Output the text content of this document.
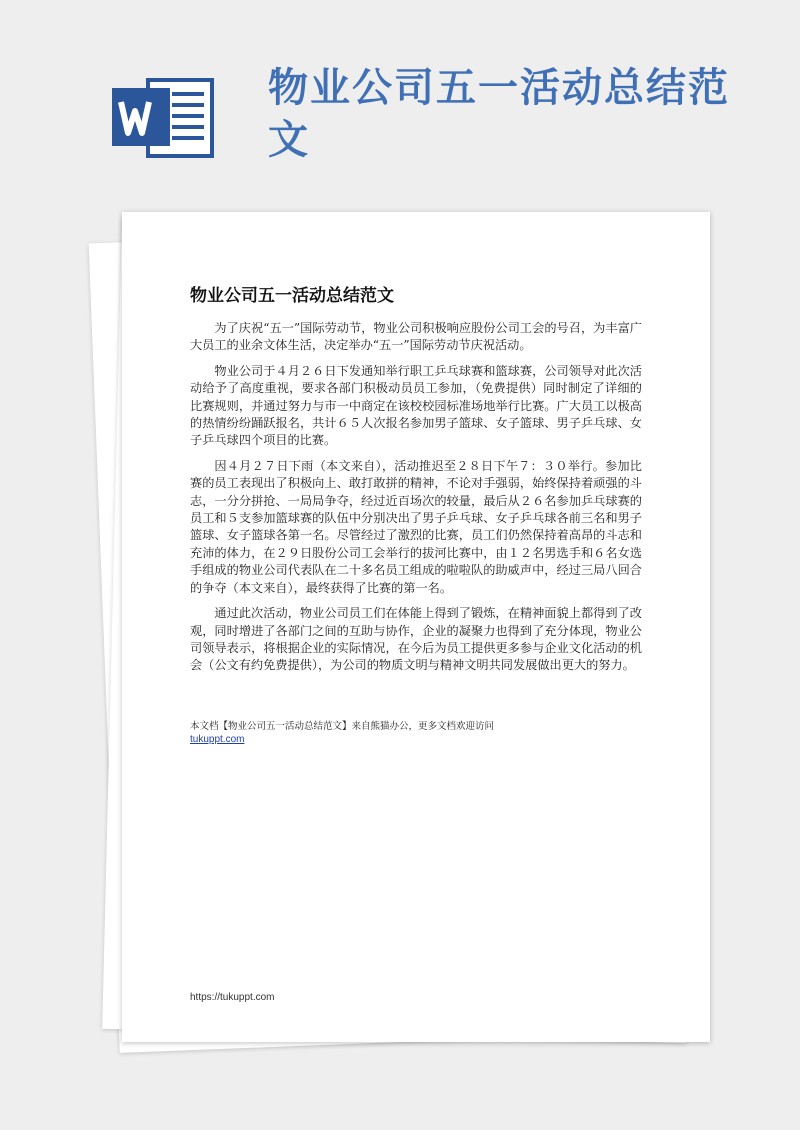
物业公司五一活动总结范文
物业公司五一活动总结范文

为了庆祝“五一”国际劳动节，物业公司积极响应股份公司工会的号召，为丰富广大员工的业余文体生活，决定举办“五一”国际劳动节庆祝活动。

物业公司于４月２６日下发通知举行职工乒乓球赛和篮球赛，公司领导对此次活动给予了高度重视，要求各部门积极动员员工参加，（免费提供）同时制定了详细的比赛规则，并通过努力与市一中商定在该校校园标准场地举行比赛。广大员工以极高的热情纷纷踊跃报名，共计６５人次报名参加男子篮球、女子篮球、男子乒乓球、女子乒乓球四个项目的比赛。

因４月２７日下雨（本文来自），活动推迟至２８日下午７：３０举行。参加比赛的员工表现出了积极向上、敢打敢拼的精神，不论对手强弱，始终保持着顽强的斗志，一分分拼抢、一局局争夺，经过近百场次的较量，最后从２６名参加乒乓球赛的员工和５支参加篮球赛的队伍中分别决出了男子乒乓球、女子乒乓球各前三名和男子篮球、女子篮球各第一名。尽管经过了激烈的比赛，员工们仍然保持着高昂的斗志和充沛的体力，在２９日股份公司工会举行的拔河比赛中，由１２名男选手和６名女选手组成的物业公司代表队在二十多名员工组成的啦啦队的助威声中，经过三局八回合的争夺（本文来自），最终获得了比赛的第一名。

通过此次活动，物业公司员工们在体能上得到了锻炼，在精神面貌上都得到了改观，同时增进了各部门之间的互助与协作，企业的凝聚力也得到了充分体现，物业公司领导表示，将根据企业的实际情况，在今后为员工提供更多参与企业文化活动的机会（公文有约免费提供），为公司的物质文明与精神文明共同发展做出更大的努力。

本文档【物业公司五一活动总结范文】来自熊猫办公，更多文档欢迎访问
tukuppt.com
https://tukuppt.com
